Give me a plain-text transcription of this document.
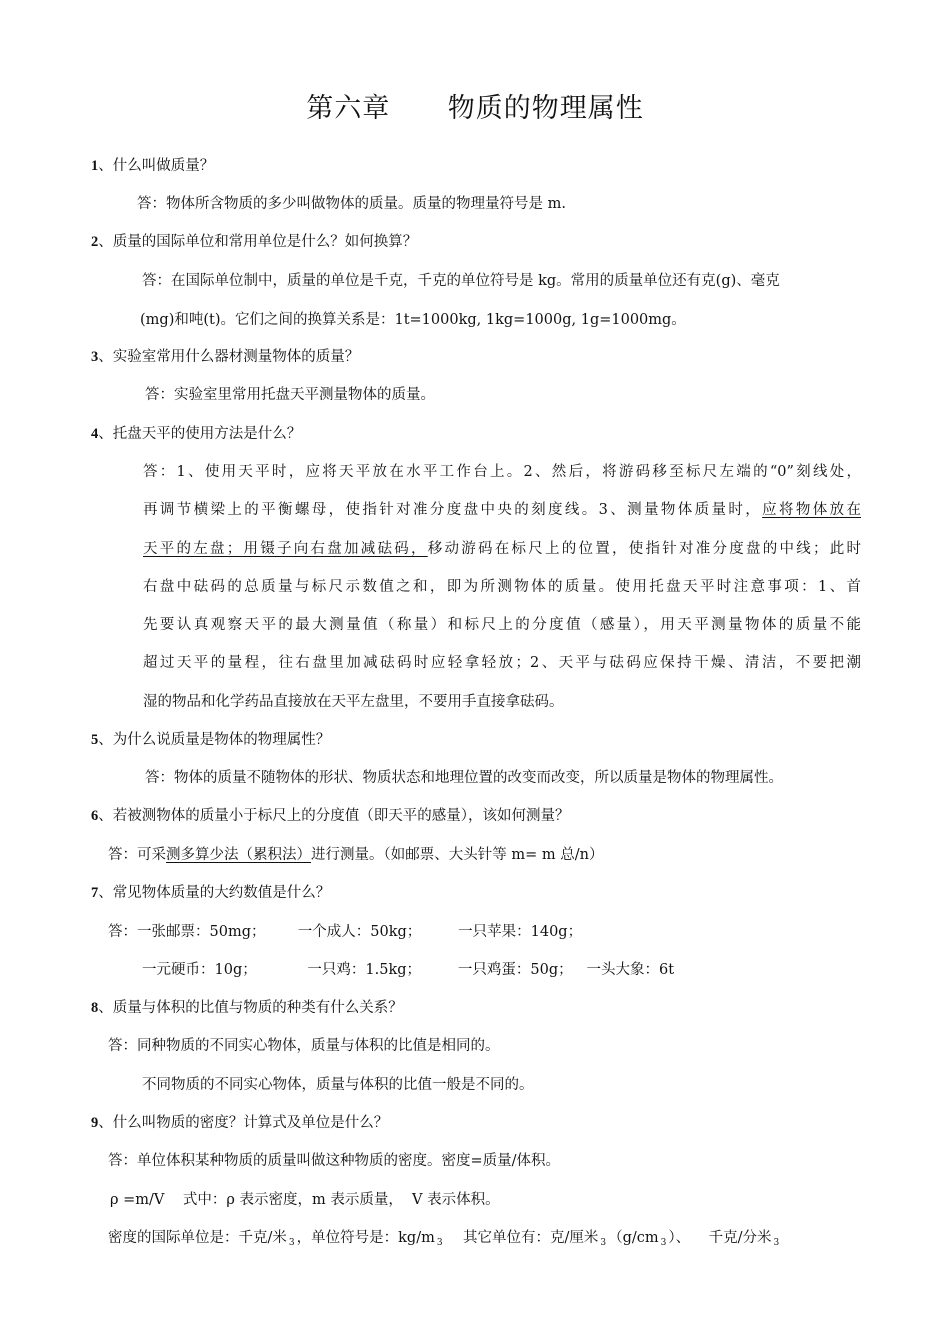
第六章      物质的物理属性
1、什么叫做质量？
答：物体所含物质的多少叫做物体的质量。质量的物理量符号是 m.
2、质量的国际单位和常用单位是什么？如何换算？
答：在国际单位制中，质量的单位是千克，千克的单位符号是 kg。常用的质量单位还有克(g)、毫克
(mg)和吨(t)。它们之间的换算关系是：1t=1000kg, 1kg=1000g, 1g=1000mg。
3、实验室常用什么器材测量物体的质量？
答：实验室里常用托盘天平测量物体的质量。
4、托盘天平的使用方法是什么？
答：1、使用天平时，应将天平放在水平工作台上。2、然后，将游码移至标尺左端的“0”刻线处，
再调节横梁上的平衡螺母，使指针对准分度盘中央的刻度线。3、测量物体质量时，应将物体放在
天平的左盘；用镊子向右盘加减砝码，移动游码在标尺上的位置，使指针对准分度盘的中线；此时
右盘中砝码的总质量与标尺示数值之和，即为所测物体的质量。使用托盘天平时注意事项：1、首
先要认真观察天平的最大测量值（称量）和标尺上的分度值（感量），用天平测量物体的质量不能
超过天平的量程，往右盘里加减砝码时应轻拿轻放；2、天平与砝码应保持干燥、清洁，不要把潮
湿的物品和化学药品直接放在天平左盘里，不要用手直接拿砝码。
5、为什么说质量是物体的物理属性？
答：物体的质量不随物体的形状、物质状态和地理位置的改变而改变，所以质量是物体的物理属性。
6、若被测物体的质量小于标尺上的分度值（即天平的感量），该如何测量？
答：可采测多算少法（累积法）进行测量。（如邮票、大头针等 m= m 总/n）
7、常见物体质量的大约数值是什么？
答：一张邮票：50mg；       一个成人：50kg；        一只苹果：140g；
一元硬币：10g；           一只鸡：1.5kg；        一只鸡蛋：50g；   一头大象：6t
8、质量与体积的比值与物质的种类有什么关系？
答：同种物质的不同实心物体，质量与体积的比值是相同的。
不同物质的不同实心物体，质量与体积的比值一般是不同的。
9、什么叫物质的密度？计算式及单位是什么？
答：单位体积某种物质的质量叫做这种物质的密度。密度=质量/体积。
ρ =m/V    式中：ρ 表示密度，m 表示质量，  V 表示体积。
密度的国际单位是：千克/米 $_3$ ，单位符号是：kg/m $_3$    其它单位有：克/厘米 $_3$ （g/cm $_3$ ）、    千克/分米 $_3$
